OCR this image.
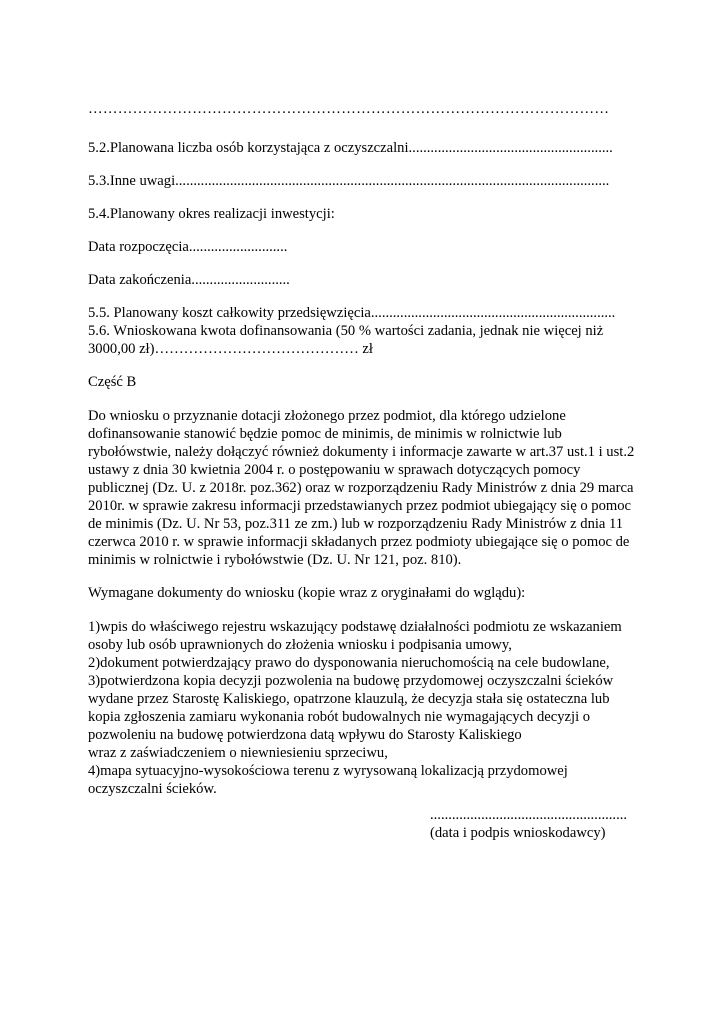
……………………………………………………………………………………………
5.2.Planowana liczba osób korzystająca z oczyszczalni........................................................
5.3.Inne uwagi.......................................................................................................................
5.4.Planowany okres realizacji inwestycji:
Data rozpoczęcia...........................
Data zakończenia...........................
5.5. Planowany koszt całkowity przedsięwzięcia...................................................................
5.6. Wnioskowana kwota dofinansowania (50 % wartości zadania, jednak nie więcej niż
3000,00 zł)…………………………………… zł
Część B
Do wniosku o przyznanie dotacji złożonego przez podmiot, dla którego udzielone
dofinansowanie stanowić będzie pomoc de minimis, de minimis w rolnictwie lub
rybołówstwie, należy dołączyć również dokumenty i informacje zawarte w art.37 ust.1 i ust.2
ustawy z dnia 30 kwietnia 2004 r. o postępowaniu w sprawach dotyczących pomocy
publicznej (Dz. U. z 2018r. poz.362) oraz w rozporządzeniu Rady Ministrów z dnia 29 marca
2010r. w sprawie zakresu informacji przedstawianych przez podmiot ubiegający się o pomoc
de minimis (Dz. U. Nr 53, poz.311 ze zm.) lub w rozporządzeniu Rady Ministrów z dnia 11
czerwca 2010 r. w sprawie informacji składanych przez podmioty ubiegające się o pomoc de
minimis w rolnictwie i rybołówstwie (Dz. U. Nr 121, poz. 810).
Wymagane dokumenty do wniosku (kopie wraz z oryginałami do wglądu):
1)wpis do właściwego rejestru wskazujący podstawę działalności podmiotu ze wskazaniem
osoby lub osób uprawnionych do złożenia wniosku i podpisania umowy,
2)dokument potwierdzający prawo do dysponowania nieruchomością na cele budowlane,
3)potwierdzona kopia decyzji pozwolenia na budowę przydomowej oczyszczalni ścieków
wydane przez Starostę Kaliskiego, opatrzone klauzulą, że decyzja stała się ostateczna lub
kopia zgłoszenia zamiaru wykonania robót budowalnych nie wymagających decyzji o
pozwoleniu na budowę potwierdzona datą wpływu do Starosty Kaliskiego
wraz z zaświadczeniem o niewniesieniu sprzeciwu,
4)mapa sytuacyjno-wysokościowa terenu z wyrysowaną lokalizacją przydomowej
oczyszczalni ścieków.
......................................................
(data i podpis wnioskodawcy)
